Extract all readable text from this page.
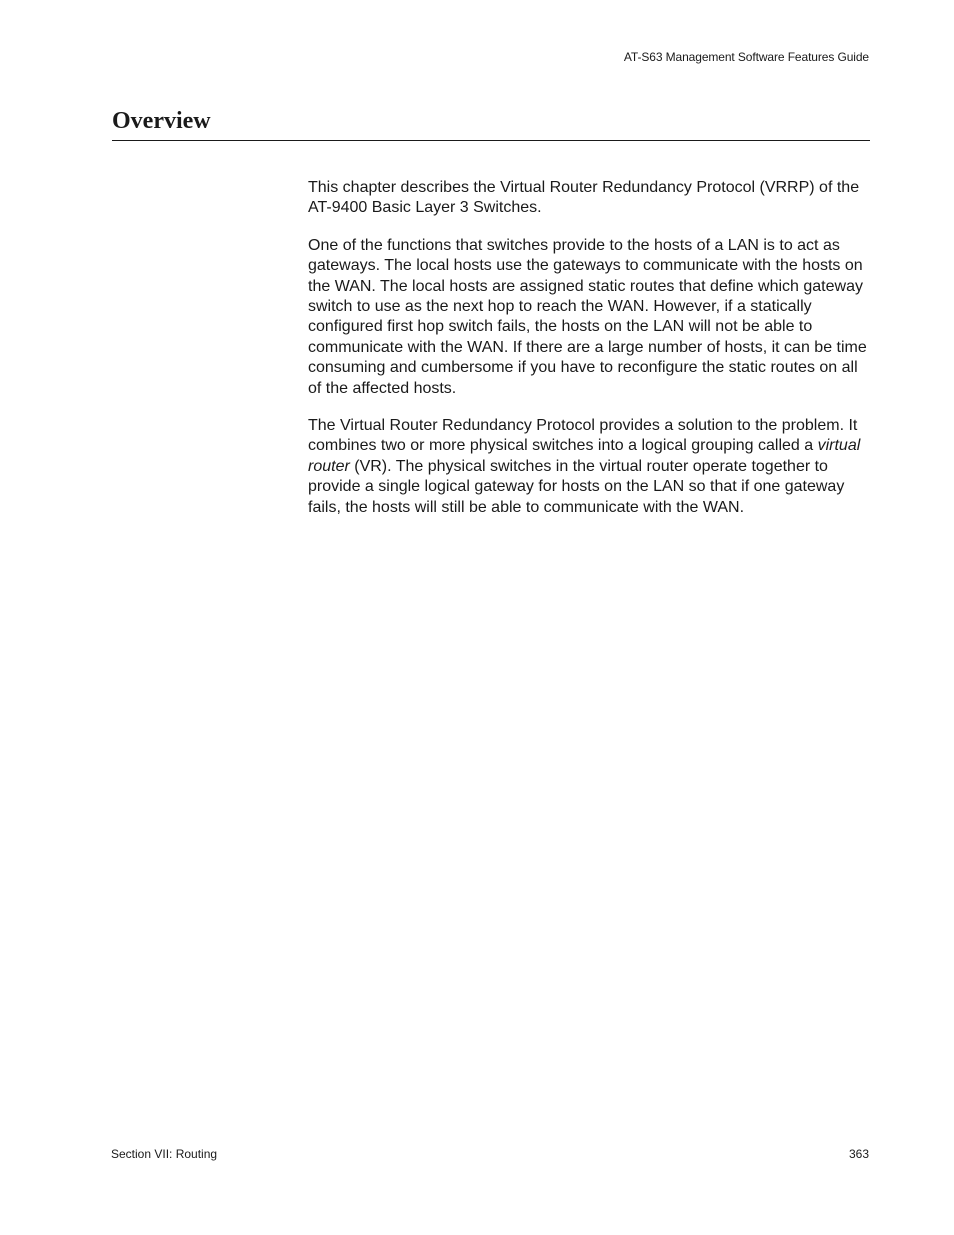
AT-S63 Management Software Features Guide
Overview

This chapter describes the Virtual Router Redundancy Protocol (VRRP) of the AT-9400 Basic Layer 3 Switches.

One of the functions that switches provide to the hosts of a LAN is to act as gateways. The local hosts use the gateways to communicate with the hosts on the WAN. The local hosts are assigned static routes that define which gateway switch to use as the next hop to reach the WAN. However, if a statically configured first hop switch fails, the hosts on the LAN will not be able to communicate with the WAN. If there are a large number of hosts, it can be time consuming and cumbersome if you have to reconfigure the static routes on all of the affected hosts.

The Virtual Router Redundancy Protocol provides a solution to the problem. It combines two or more physical switches into a logical grouping called a virtual router (VR). The physical switches in the virtual router operate together to provide a single logical gateway for hosts on the LAN so that if one gateway fails, the hosts will still be able to communicate with the WAN.

Section VII: Routing	363
